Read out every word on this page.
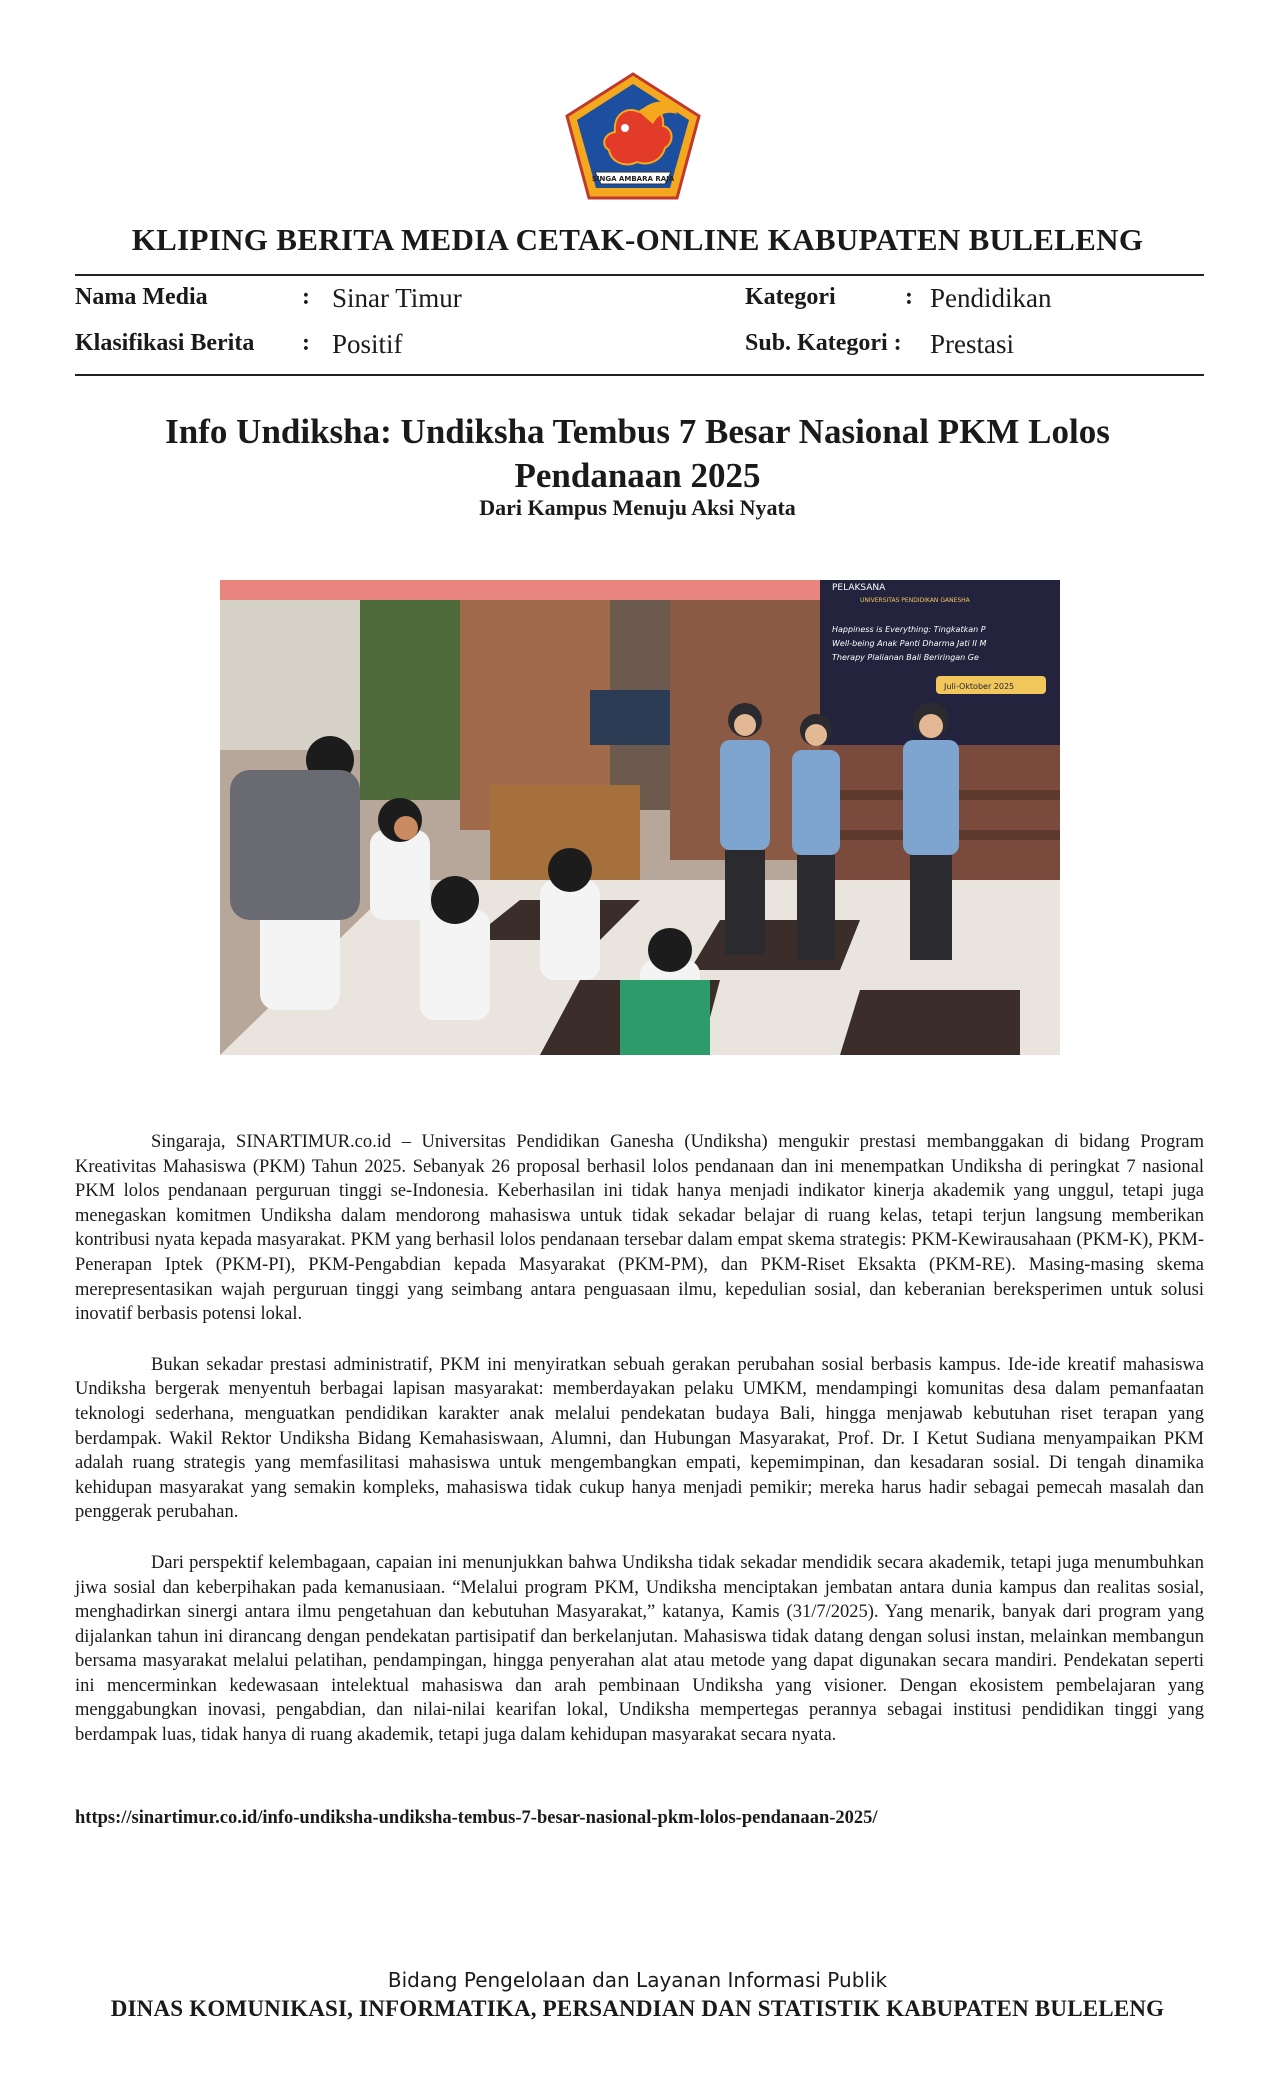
SINGA AMBARA RAJA
KLIPING BERITA MEDIA CETAK-ONLINE KABUPATEN BULELENG
Nama Media	: Sinar Timur	Kategori	: Pendidikan
Klasifikasi Berita : Positif	Sub. Kategori : Prestasi
Info Undiksha: Undiksha Tembus 7 Besar Nasional PKM Lolos Pendanaan 2025
Dari Kampus Menuju Aksi Nyata
PELAKSANA
UNIVERSITAS PENDIDIKAN GANESHA
Happiness is Everything: Tingkatkan P
Well-being Anak Panti Dharma Jati II M
Therapy Plalianan Bali Beriringan Ge
Juli-Oktober 2025

Singaraja, SINARTIMUR.co.id – Universitas Pendidikan Ganesha (Undiksha) mengukir prestasi membanggakan di bidang Program Kreativitas Mahasiswa (PKM) Tahun 2025. Sebanyak 26 proposal berhasil lolos pendanaan dan ini menempatkan Undiksha di peringkat 7 nasional PKM lolos pendanaan perguruan tinggi se-Indonesia. Keberhasilan ini tidak hanya menjadi indikator kinerja akademik yang unggul, tetapi juga menegaskan komitmen Undiksha dalam mendorong mahasiswa untuk tidak sekadar belajar di ruang kelas, tetapi terjun langsung memberikan kontribusi nyata kepada masyarakat. PKM yang berhasil lolos pendanaan tersebar dalam empat skema strategis: PKM-Kewirausahaan (PKM-K), PKM-Penerapan Iptek (PKM-PI), PKM-Pengabdian kepada Masyarakat (PKM-PM), dan PKM-Riset Eksakta (PKM-RE). Masing-masing skema merepresentasikan wajah perguruan tinggi yang seimbang antara penguasaan ilmu, kepedulian sosial, dan keberanian bereksperimen untuk solusi inovatif berbasis potensi lokal.

Bukan sekadar prestasi administratif, PKM ini menyiratkan sebuah gerakan perubahan sosial berbasis kampus. Ide-ide kreatif mahasiswa Undiksha bergerak menyentuh berbagai lapisan masyarakat: memberdayakan pelaku UMKM, mendampingi komunitas desa dalam pemanfaatan teknologi sederhana, menguatkan pendidikan karakter anak melalui pendekatan budaya Bali, hingga menjawab kebutuhan riset terapan yang berdampak. Wakil Rektor Undiksha Bidang Kemahasiswaan, Alumni, dan Hubungan Masyarakat, Prof. Dr. I Ketut Sudiana menyampaikan PKM adalah ruang strategis yang memfasilitasi mahasiswa untuk mengembangkan empati, kepemimpinan, dan kesadaran sosial. Di tengah dinamika kehidupan masyarakat yang semakin kompleks, mahasiswa tidak cukup hanya menjadi pemikir; mereka harus hadir sebagai pemecah masalah dan penggerak perubahan.

Dari perspektif kelembagaan, capaian ini menunjukkan bahwa Undiksha tidak sekadar mendidik secara akademik, tetapi juga menumbuhkan jiwa sosial dan keberpihakan pada kemanusiaan. “Melalui program PKM, Undiksha menciptakan jembatan antara dunia kampus dan realitas sosial, menghadirkan sinergi antara ilmu pengetahuan dan kebutuhan Masyarakat,” katanya, Kamis (31/7/2025). Yang menarik, banyak dari program yang dijalankan tahun ini dirancang dengan pendekatan partisipatif dan berkelanjutan. Mahasiswa tidak datang dengan solusi instan, melainkan membangun bersama masyarakat melalui pelatihan, pendampingan, hingga penyerahan alat atau metode yang dapat digunakan secara mandiri. Pendekatan seperti ini mencerminkan kedewasaan intelektual mahasiswa dan arah pembinaan Undiksha yang visioner. Dengan ekosistem pembelajaran yang menggabungkan inovasi, pengabdian, dan nilai-nilai kearifan lokal, Undiksha mempertegas perannya sebagai institusi pendidikan tinggi yang berdampak luas, tidak hanya di ruang akademik, tetapi juga dalam kehidupan masyarakat secara nyata.

https://sinartimur.co.id/info-undiksha-undiksha-tembus-7-besar-nasional-pkm-lolos-pendanaan-2025/
Bidang Pengelolaan dan Layanan Informasi Publik
DINAS KOMUNIKASI, INFORMATIKA, PERSANDIAN DAN STATISTIK KABUPATEN BULELENG
